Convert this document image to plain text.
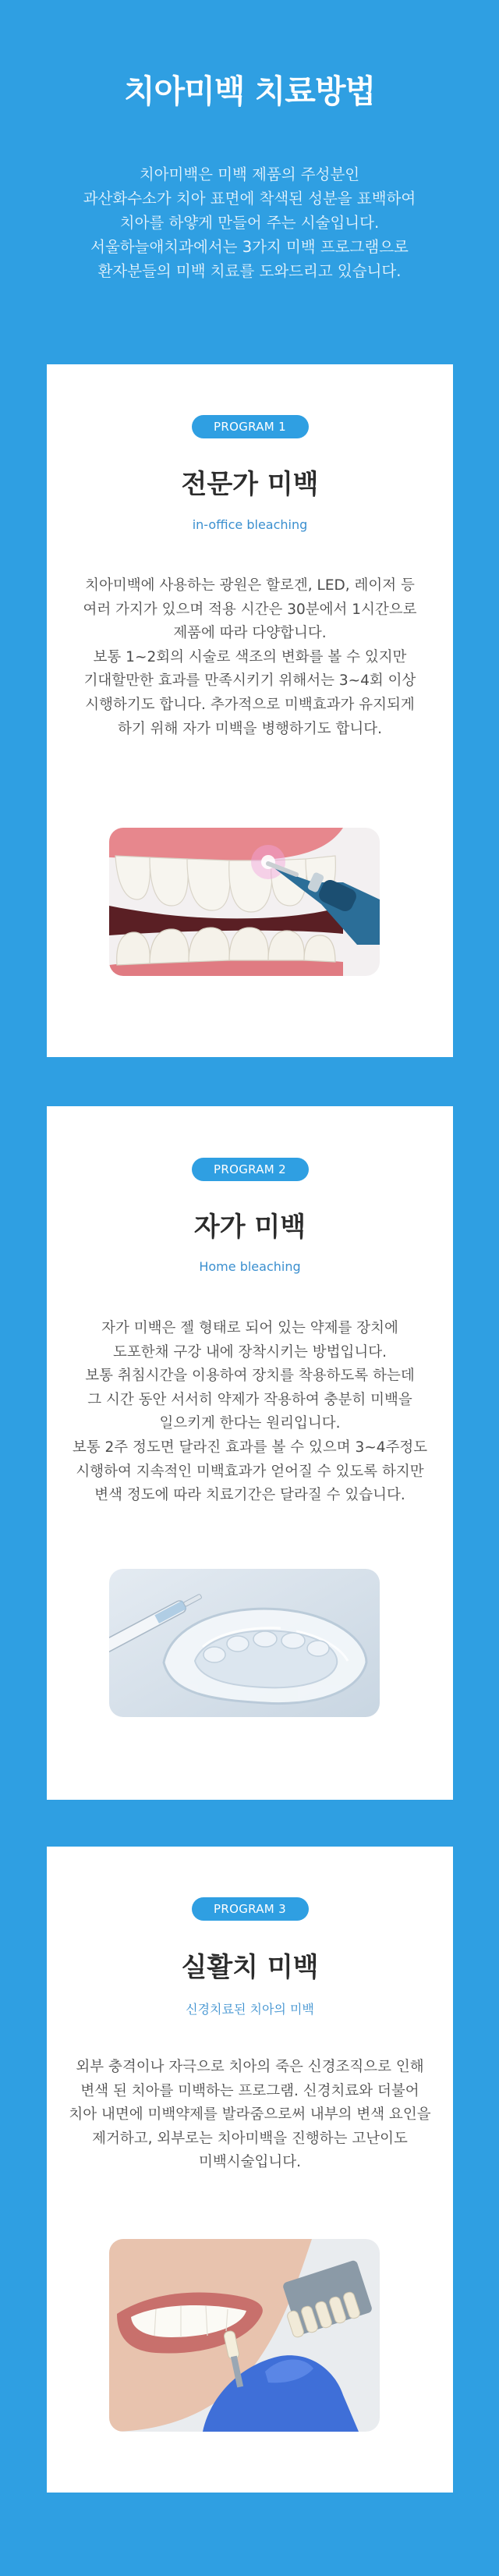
치아미백 치료방법
치아미백은 미백 제품의 주성분인
과산화수소가 치아 표면에 착색된 성분을 표백하여
치아를 하얗게 만들어 주는 시술입니다.
서울하늘애치과에서는 3가지 미백 프로그램으로
환자분들의 미백 치료를 도와드리고 있습니다.
PROGRAM 1
전문가 미백
in-office bleaching
치아미백에 사용하는 광원은 할로겐, LED, 레이저 등
여러 가지가 있으며 적용 시간은 30분에서 1시간으로
제품에 따라 다양합니다.
보통 1~2회의 시술로 색조의 변화를 볼 수 있지만
기대할만한 효과를 만족시키기 위해서는 3~4회 이상
시행하기도 합니다. 추가적으로 미백효과가 유지되게
하기 위해 자가 미백을 병행하기도 합니다.
PROGRAM 2
자가 미백
Home bleaching
자가 미백은 젤 형태로 되어 있는 약제를 장치에
도포한채 구강 내에 장착시키는 방법입니다.
보통 취침시간을 이용하여 장치를 착용하도록 하는데
그 시간 동안 서서히 약제가 작용하여 충분히 미백을
일으키게 한다는 원리입니다.
보통 2주 정도면 달라진 효과를 볼 수 있으며 3~4주정도
시행하여 지속적인 미백효과가 얻어질 수 있도록 하지만
변색 정도에 따라 치료기간은 달라질 수 있습니다.
PROGRAM 3
실활치 미백
신경치료된 치아의 미백
외부 충격이나 자극으로 치아의 죽은 신경조직으로 인해
변색 된 치아를 미백하는 프로그램. 신경치료와 더불어
치아 내면에 미백약제를 발라줌으로써 내부의 변색 요인을
제거하고, 외부로는 치아미백을 진행하는 고난이도
미백시술입니다.
